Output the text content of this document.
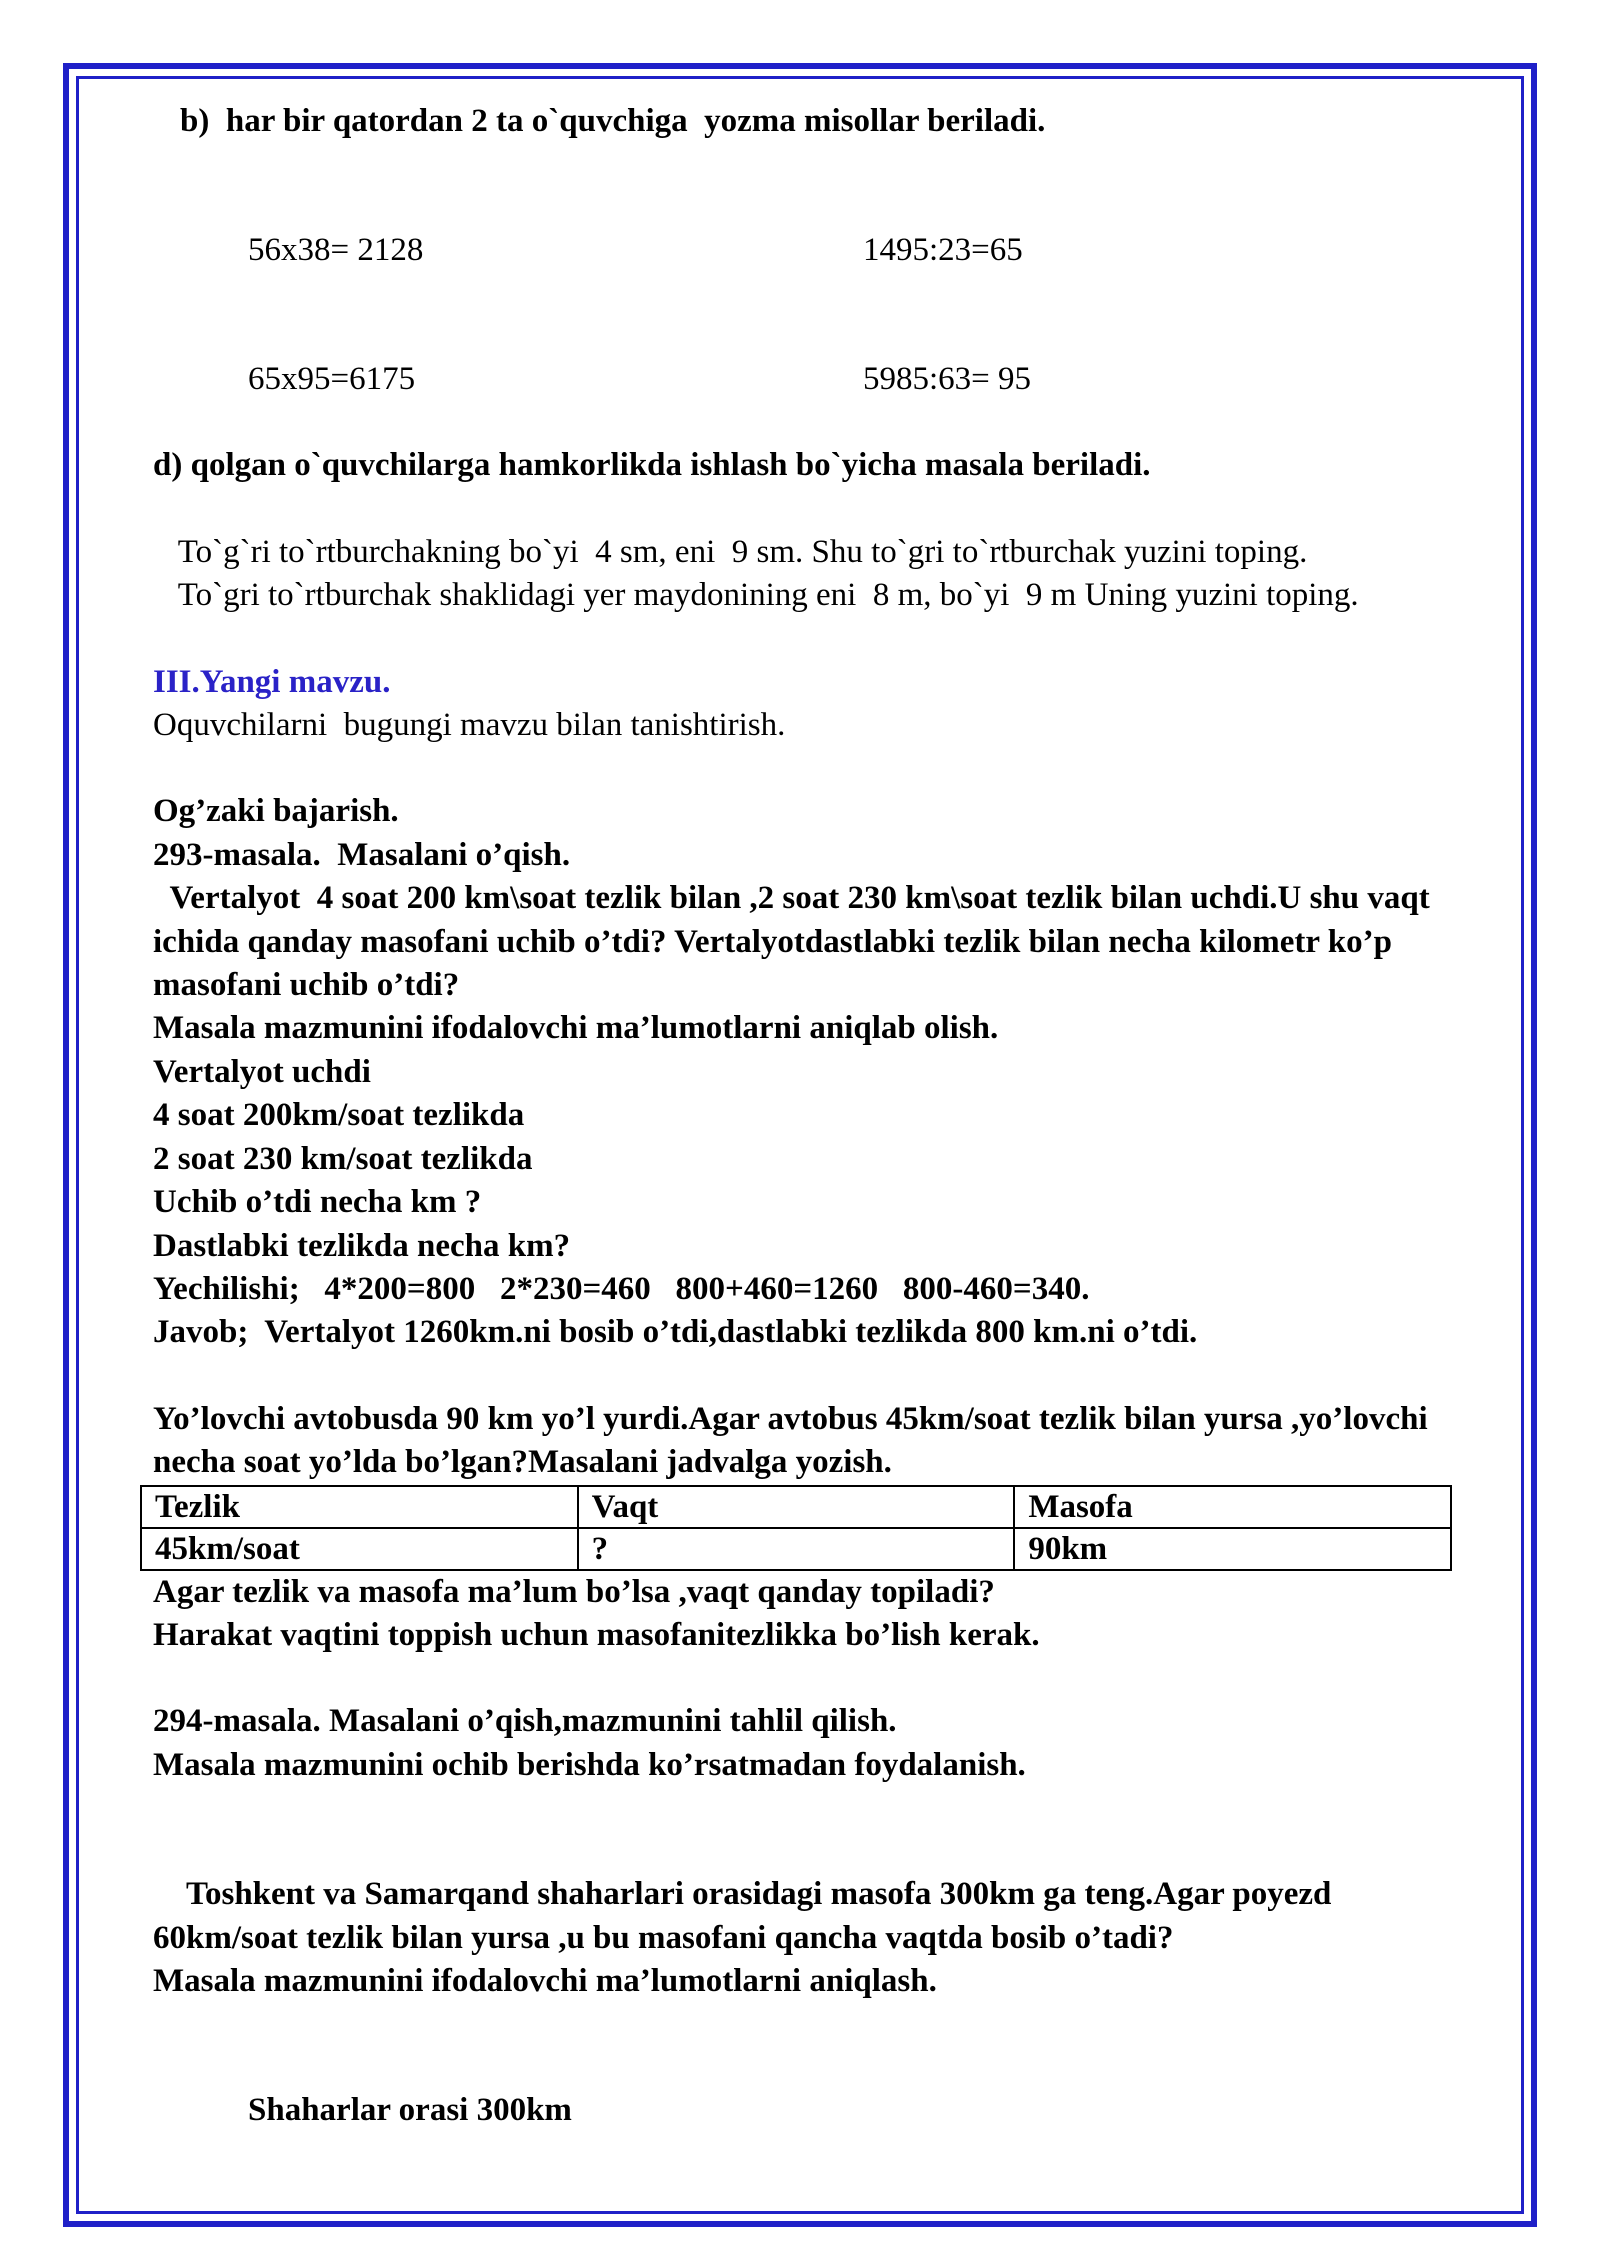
b)  har bir qatordan 2 ta o`quvchiga  yozma misollar beriladi.

56x38= 2128	1495:23=65
65x95=6175	5985:63= 95

d) qolgan o`quvchilarga hamkorlikda ishlash bo`yicha masala beriladi.

To`g`ri to`rtburchakning bo`yi  4 sm, eni  9 sm. Shu to`gri to`rtburchak yuzini toping.

To`gri to`rtburchak shaklidagi yer maydonining eni  8 m, bo`yi  9 m Uning yuzini toping.

III.Yangi mavzu.

Oquvchilarni  bugungi mavzu bilan tanishtirish.

Og’zaki bajarish.

293-masala.  Masalani o’qish.

Vertalyot  4 soat 200 km\soat tezlik bilan ,2 soat 230 km\soat tezlik bilan uchdi.U shu vaqt ichida qanday masofani uchib o’tdi? Vertalyotdastlabki tezlik bilan necha kilometr ko’p masofani uchib o’tdi?

Masala mazmunini ifodalovchi ma’lumotlarni aniqlab olish.

Vertalyot uchdi

4 soat 200km/soat tezlikda

2 soat 230 km/soat tezlikda

Uchib o’tdi necha km ?

Dastlabki tezlikda necha km?

Yechilishi;   4*200=800   2*230=460   800+460=1260   800-460=340.

Javob;  Vertalyot 1260km.ni bosib o’tdi,dastlabki tezlikda 800 km.ni o’tdi.

Yo’lovchi avtobusda 90 km yo’l yurdi.Agar avtobus 45km/soat tezlik bilan yursa ,yo’lovchi necha soat yo’lda bo’lgan?Masalani jadvalga yozish.

Tezlik	Vaqt	Masofa
45km/soat	?	90km

Agar tezlik va masofa ma’lum bo’lsa ,vaqt qanday topiladi?

Harakat vaqtini toppish uchun masofanitezlikka bo’lish kerak.

294-masala. Masalani o’qish,mazmunini tahlil qilish.

Masala mazmunini ochib berishda ko’rsatmadan foydalanish.

Toshkent va Samarqand shaharlari orasidagi masofa 300km ga teng.Agar poyezd 60km/soat tezlik bilan yursa ,u bu masofani qancha vaqtda bosib o’tadi?

Masala mazmunini ifodalovchi ma’lumotlarni aniqlash.

Shaharlar orasi 300km
